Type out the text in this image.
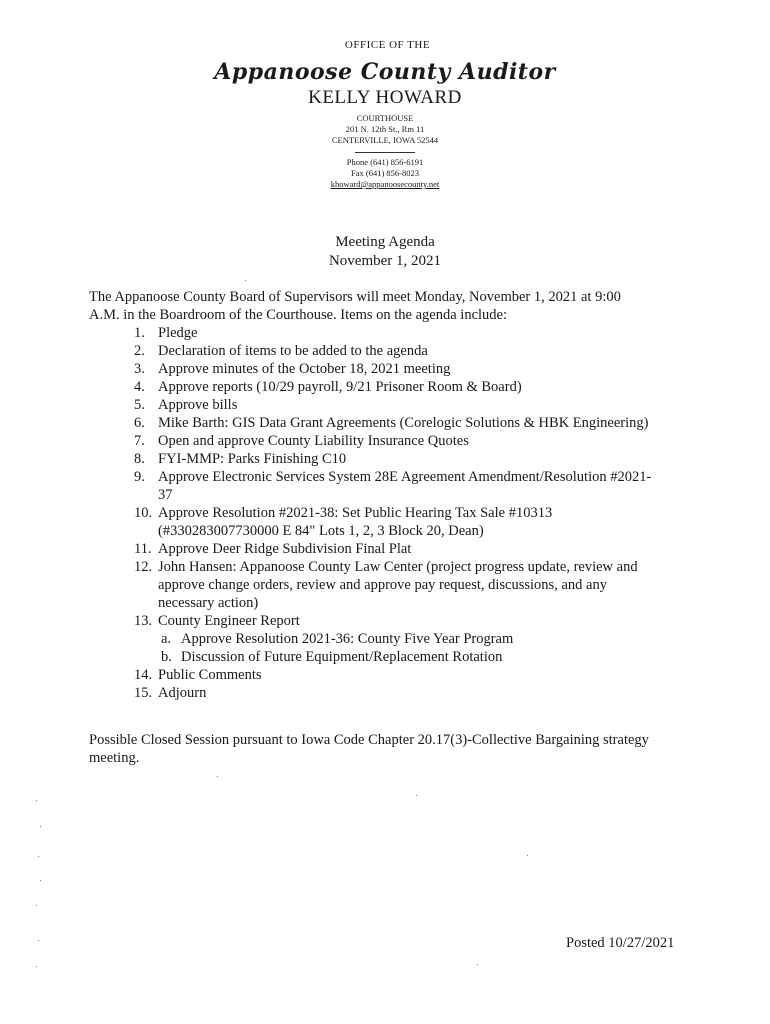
OFFICE OF THE
Appanoose County Auditor
KELLY HOWARD
COURTHOUSE
201 N. 12th St., Rm 11
CENTERVILLE, IOWA 52544
Phone (641) 856-6191
Fax (641) 856-8023
khoward@appanoosecounty.net
Meeting Agenda
November 1, 2021
The Appanoose County Board of Supervisors will meet Monday, November 1, 2021 at 9:00
A.M. in the Boardroom of the Courthouse. Items on the agenda include:
1. Pledge
2. Declaration of items to be added to the agenda
3. Approve minutes of the October 18, 2021 meeting
4. Approve reports (10/29 payroll, 9/21 Prisoner Room & Board)
5. Approve bills
6. Mike Barth: GIS Data Grant Agreements (Corelogic Solutions & HBK Engineering)
7. Open and approve County Liability Insurance Quotes
8. FYI-MMP: Parks Finishing C10
9. Approve Electronic Services System 28E Agreement Amendment/Resolution #2021-
37
10. Approve Resolution #2021-38: Set Public Hearing Tax Sale #10313
(#330283007730000 E 84" Lots 1, 2, 3 Block 20, Dean)
11. Approve Deer Ridge Subdivision Final Plat
12. John Hansen: Appanoose County Law Center (project progress update, review and
approve change orders, review and approve pay request, discussions, and any
necessary action)
13. County Engineer Report
a. Approve Resolution 2021-36: County Five Year Program
b. Discussion of Future Equipment/Replacement Rotation
14. Public Comments
15. Adjourn
Possible Closed Session pursuant to Iowa Code Chapter 20.17(3)-Collective Bargaining strategy
meeting.
Posted 10/27/2021
